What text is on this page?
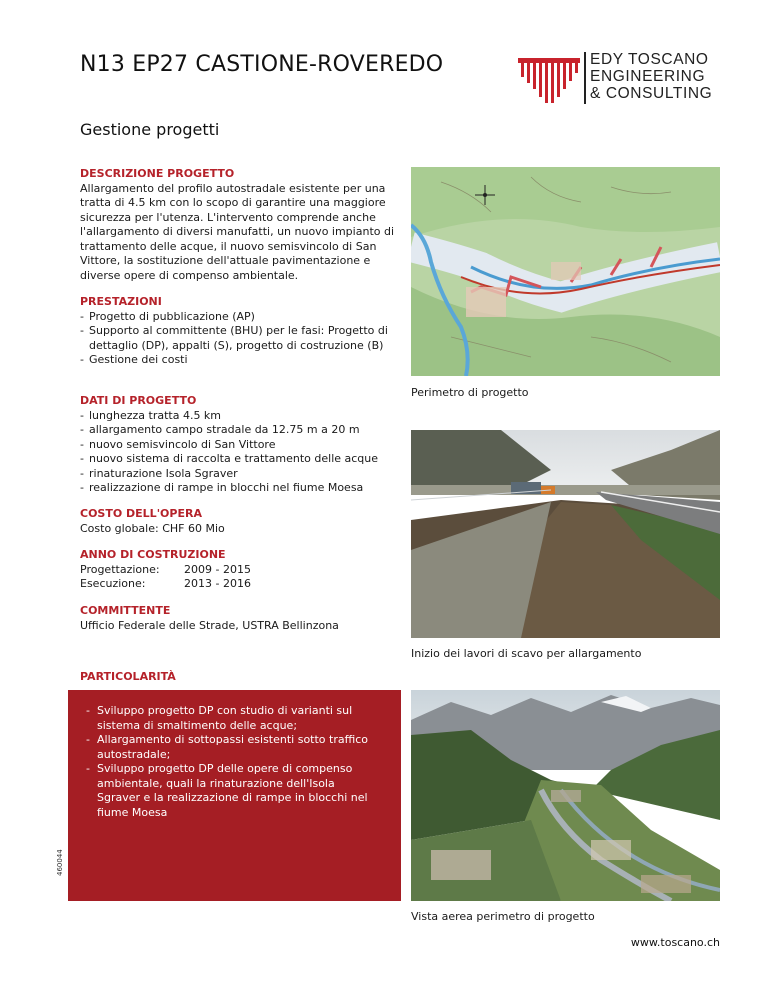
N13 EP27 CASTIONE-ROVEREDO
Gestione progetti
EDY TOSCANO
ENGINEERING
& CONSULTING
DESCRIZIONE PROGETTO
Allargamento del profilo autostradale esistente per una tratta di 4.5 km con lo scopo di garantire una maggiore sicurezza per l'utenza. L'intervento comprende anche l'allargamento di diversi manufatti, un nuovo impianto di trattamento delle acque, il nuovo semisvincolo di San Vittore, la sostituzione dell'attuale pavimentazione e diverse opere di compenso ambientale.
PRESTAZIONI
- Progetto di pubblicazione (AP)
- Supporto al committente (BHU) per le fasi: Progetto di dettaglio (DP), appalti (S), progetto di costruzione (B)
- Gestione dei costi
DATI DI PROGETTO
- lunghezza tratta 4.5 km
- allargamento campo stradale da 12.75 m a 20 m
- nuovo semisvincolo di San Vittore
- nuovo sistema di raccolta e trattamento delle acque
- rinaturazione Isola Sgraver
- realizzazione di rampe in blocchi nel fiume Moesa
COSTO DELL'OPERA
Costo globale: CHF 60 Mio
ANNO DI COSTRUZIONE
Progettazione:	2009 - 2015
Esecuzione:	2013 - 2016
COMMITTENTE
Ufficio Federale delle Strade, USTRA Bellinzona
PARTICOLARITÀ
- Sviluppo progetto DP con studio di varianti sul sistema di smaltimento delle acque;
- Allargamento di sottopassi esistenti sotto traffico autostradale;
- Sviluppo progetto DP delle opere di compenso ambientale, quali la rinaturazione dell'Isola Sgraver e la realizzazione di rampe in blocchi nel fiume Moesa
460044
Perimetro di progetto
Inizio dei lavori di scavo per allargamento
Vista aerea perimetro di progetto
www.toscano.ch
